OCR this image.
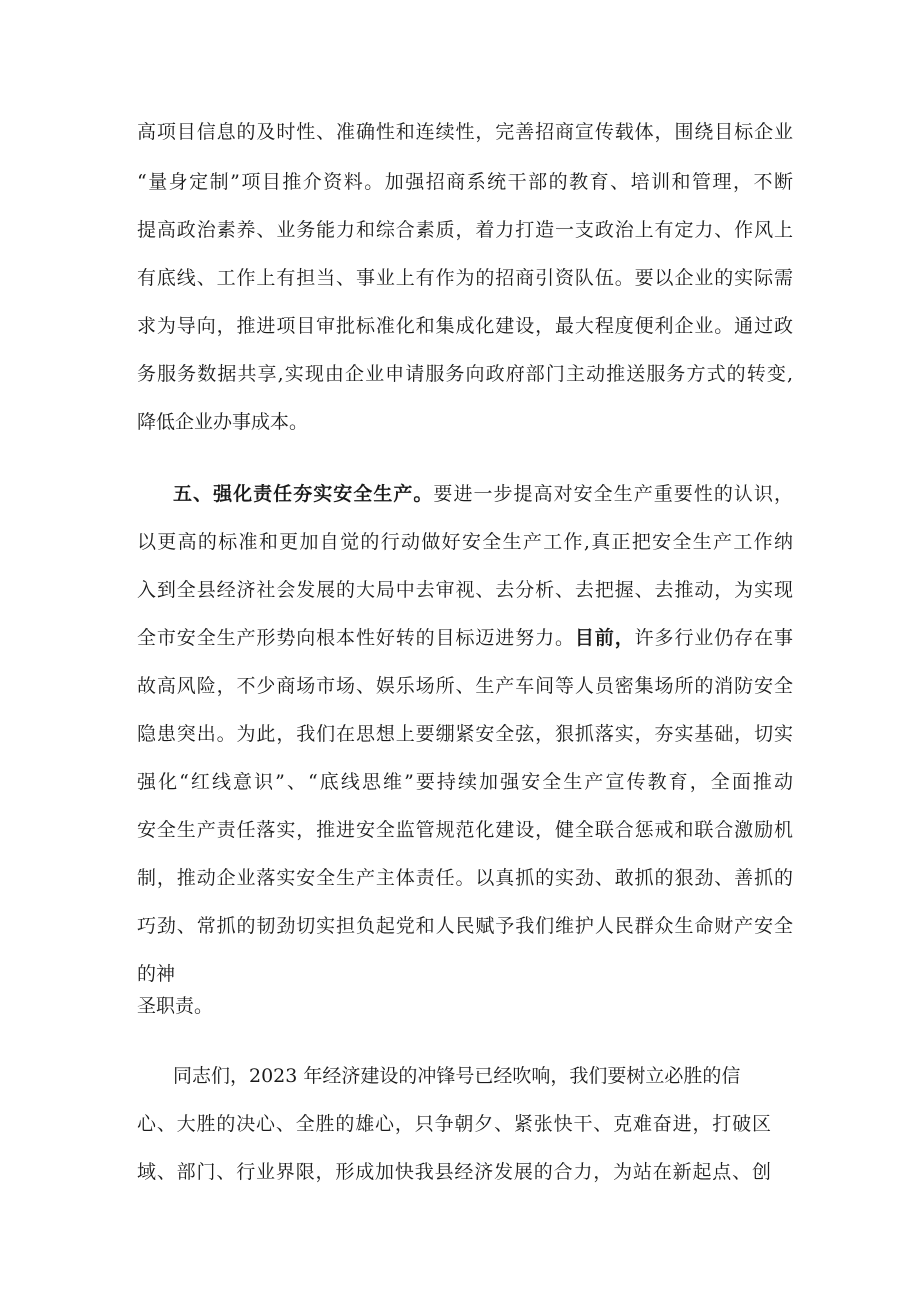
高项目信息的及时性、准确性和连续性，完善招商宣传载体，围绕目标企业
“量身定制”项目推介资料。加强招商系统干部的教育、培训和管理，不断
提高政治素养、业务能力和综合素质，着力打造一支政治上有定力、作风上
有底线、工作上有担当、事业上有作为的招商引资队伍。要以企业的实际需
求为导向，推进项目审批标准化和集成化建设，最大程度便利企业。通过政
务服务数据共享,实现由企业申请服务向政府部门主动推送服务方式的转变,
降低企业办事成本。
五、强化责任夯实安全生产。要进一步提高对安全生产重要性的认识，
以更高的标准和更加自觉的行动做好安全生产工作,真正把安全生产工作纳
入到全县经济社会发展的大局中去审视、去分析、去把握、去推动，为实现
全市安全生产形势向根本性好转的目标迈进努力。目前，许多行业仍存在事
故高风险，不少商场市场、娱乐场所、生产车间等人员密集场所的消防安全
隐患突出。为此，我们在思想上要绷紧安全弦，狠抓落实，夯实基础，切实
强化“红线意识”、“底线思维”要持续加强安全生产宣传教育，全面推动
安全生产责任落实，推进安全监管规范化建设，健全联合惩戒和联合激励机
制，推动企业落实安全生产主体责任。以真抓的实劲、敢抓的狠劲、善抓的
巧劲、常抓的韧劲切实担负起党和人民赋予我们维护人民群众生命财产安全
的神
圣职责。
同志们，2023 年经济建设的冲锋号已经吹响，我们要树立必胜的信
心、大胜的决心、全胜的雄心，只争朝夕、紧张快干、克难奋进，打破区
域、部门、行业界限，形成加快我县经济发展的合力，为站在新起点、创
